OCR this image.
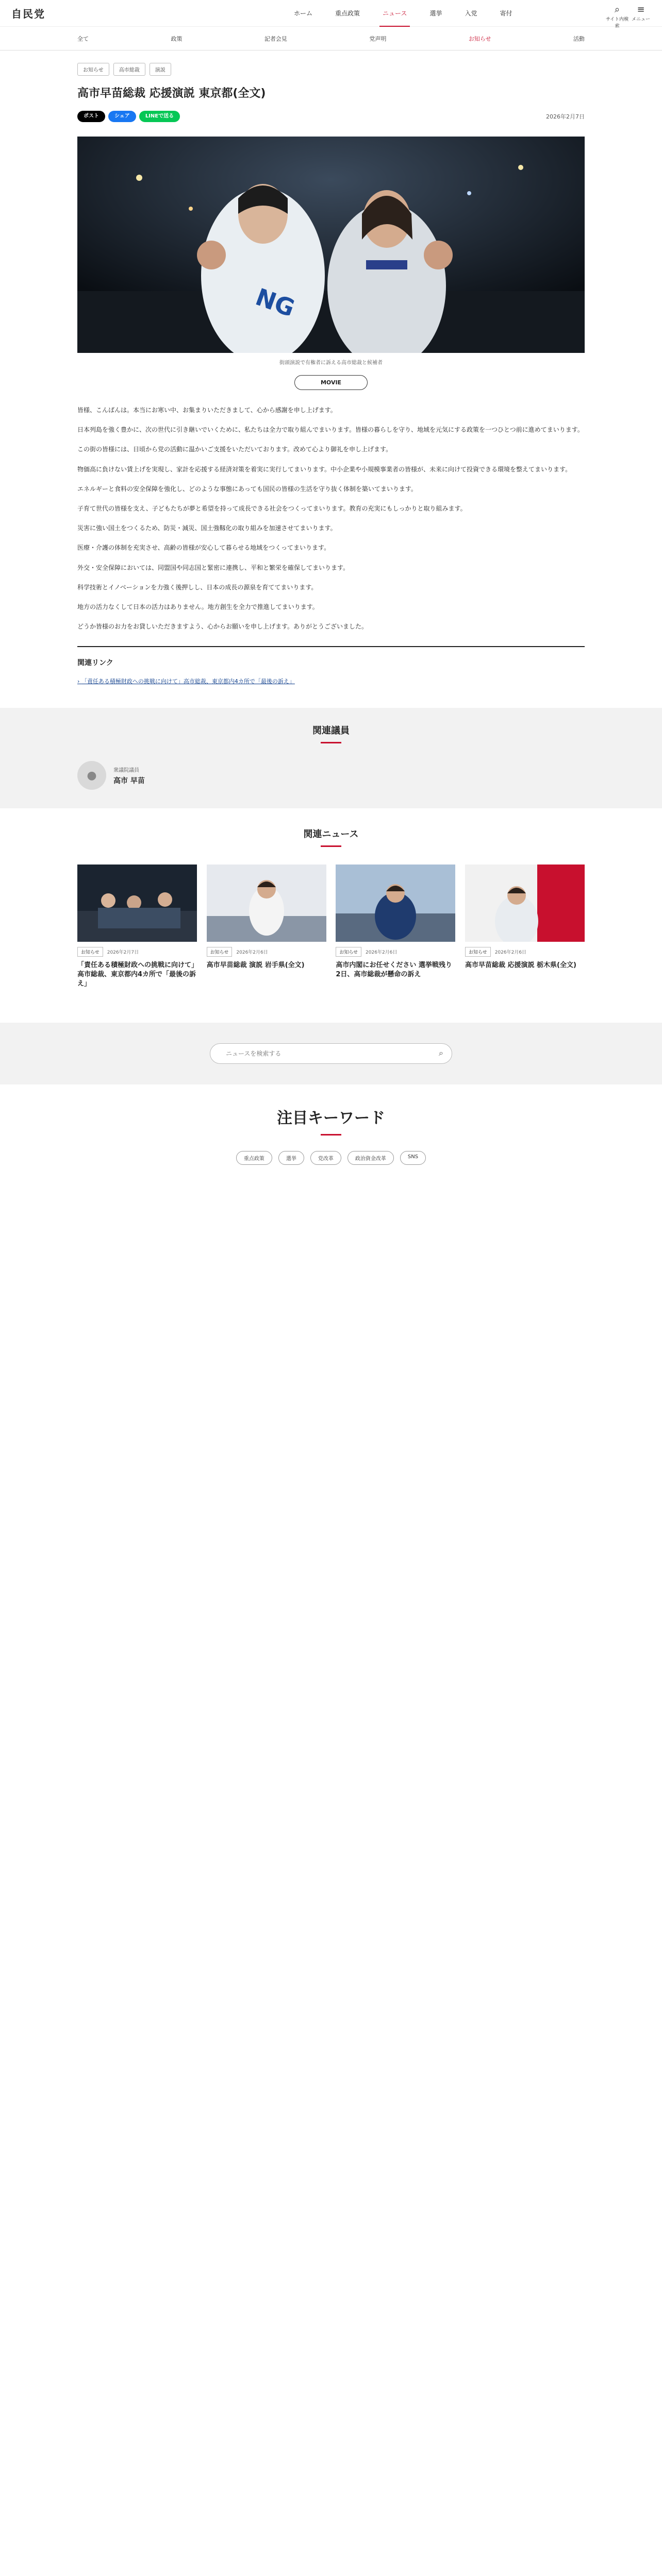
自民党	ホーム	重点政策	ニュース	選挙	入党	寄付	⌕
サイト内検索
≡
メニュー
全て	政策	記者会見	党声明	お知らせ	活動
お知らせ	高市総裁	演説
高市早苗総裁 応援演説 東京都(全文)
ポスト	シェア	LINEで送る	2026年2月7日
NG
街頭演説で有権者に訴える高市総裁と候補者
MOVIE

皆様、こんばんは。本当にお寒い中、お集まりいただきまして、心から感謝を申し上げます。

日本列島を強く豊かに、次の世代に引き継いでいくために、私たちは全力で取り組んでまいります。皆様の暮らしを守り、地域を元気にする政策を一つひとつ前に進めてまいります。

この街の皆様には、日頃から党の活動に温かいご支援をいただいております。改めて心より御礼を申し上げます。

物価高に負けない賃上げを実現し、家計を応援する経済対策を着実に実行してまいります。中小企業や小規模事業者の皆様が、未来に向けて投資できる環境を整えてまいります。

エネルギーと食料の安全保障を強化し、どのような事態にあっても国民の皆様の生活を守り抜く体制を築いてまいります。

子育て世代の皆様を支え、子どもたちが夢と希望を持って成長できる社会をつくってまいります。教育の充実にもしっかりと取り組みます。

災害に強い国土をつくるため、防災・減災、国土強靱化の取り組みを加速させてまいります。

医療・介護の体制を充実させ、高齢の皆様が安心して暮らせる地域をつくってまいります。

外交・安全保障においては、同盟国や同志国と緊密に連携し、平和と繁栄を確保してまいります。

科学技術とイノベーションを力強く後押しし、日本の成長の源泉を育ててまいります。

地方の活力なくして日本の活力はありません。地方創生を全力で推進してまいります。

どうか皆様のお力をお貸しいただきますよう、心からお願いを申し上げます。ありがとうございました。

関連リンク
› 「責任ある積極財政への挑戦に向けて」高市総裁、東京都内4カ所で「最後の訴え」
関連議員
●	衆議院議員
高市 早苗
関連ニュース
お知らせ	2026年2月7日
「責任ある積極財政への挑戦に向けて」高市総裁、東京都内4カ所で「最後の訴え」
お知らせ	2026年2月6日
高市早苗総裁 演説 岩手県(全文)
お知らせ	2026年2月6日
高市内閣にお任せください 選挙戦残り2日、高市総裁が懸命の訴え
お知らせ	2026年2月6日
高市早苗総裁 応援演説 栃木県(全文)
ニュースを検索する
⌕
注目キーワード
重点政策	選挙	党改革	政治資金改革	SNS
